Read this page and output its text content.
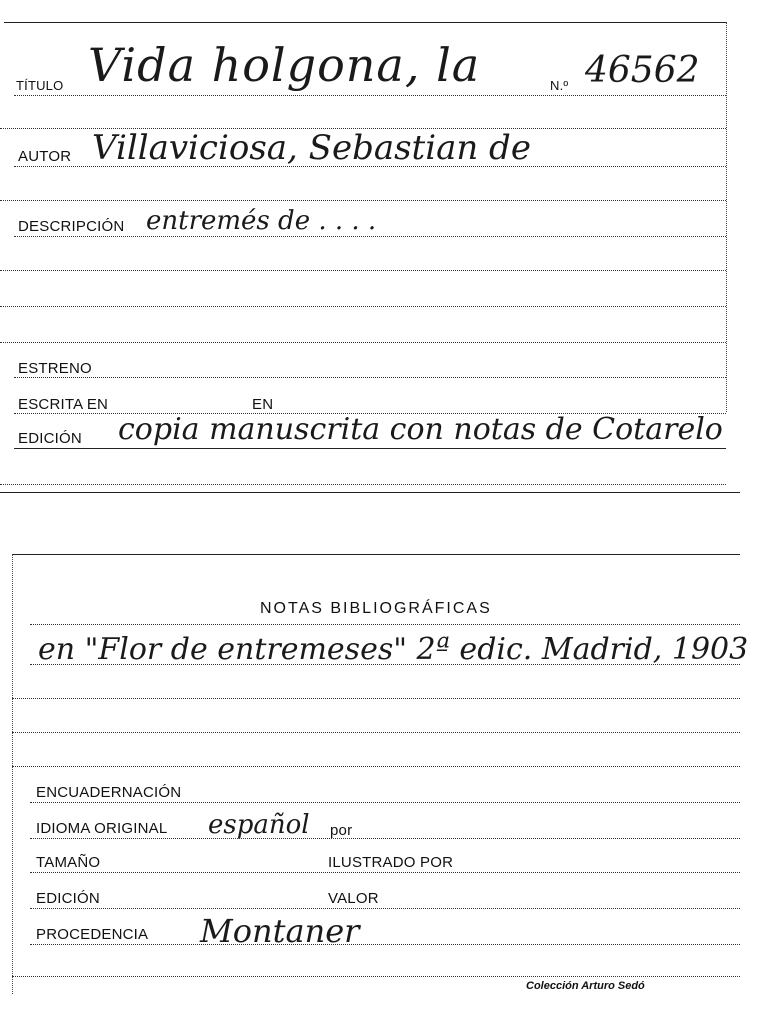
TÍTULO Vida holgona, la	N.º 46562
AUTOR Villaviciosa, Sebastian de
DESCRIPCIÓN entremés de . . . .
ESTRENO
ESCRITA EN	EN
EDICIÓN copia manuscrita con notas de Cotarelo
NOTAS BIBLIOGRÁFICAS
en "Flor de entremeses" 2ª edic. Madrid, 1903
ENCUADERNACIÓN
IDIOMA ORIGINAL español por
TAMAÑO	ILUSTRADO POR
EDICIÓN	VALOR
PROCEDENCIA Montaner
Colección Arturo Sedó
